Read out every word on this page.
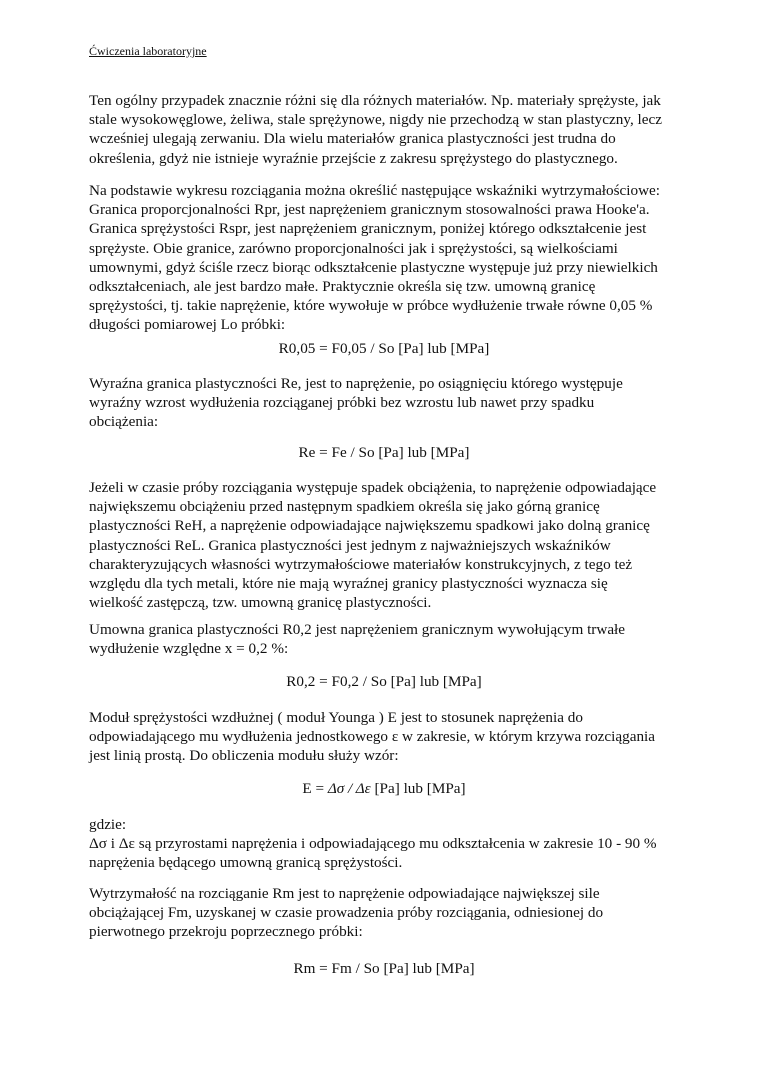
Ćwiczenia laboratoryjne
Ten ogólny przypadek znacznie różni się dla różnych materiałów. Np. materiały sprężyste, jak
stale wysokowęglowe, żeliwa, stale sprężynowe, nigdy nie przechodzą w stan plastyczny, lecz
wcześniej ulegają zerwaniu. Dla wielu materiałów granica plastyczności jest trudna do
określenia, gdyż nie istnieje wyraźnie przejście z zakresu sprężystego do plastycznego.
Na podstawie wykresu rozciągania można określić następujące wskaźniki wytrzymałościowe:
Granica proporcjonalności Rpr, jest naprężeniem granicznym stosowalności prawa Hooke'a.
Granica sprężystości Rspr, jest naprężeniem granicznym, poniżej którego odkształcenie jest
sprężyste. Obie granice, zarówno proporcjonalności jak i sprężystości, są wielkościami
umownymi, gdyż ściśle rzecz biorąc odkształcenie plastyczne występuje już przy niewielkich
odkształceniach, ale jest bardzo małe. Praktycznie określa się tzw. umowną granicę
sprężystości, tj. takie naprężenie, które wywołuje w próbce wydłużenie trwałe równe 0,05 %
długości pomiarowej Lo próbki:
R0,05 = F0,05 / So [Pa] lub [MPa]
Wyraźna granica plastyczności Re, jest to naprężenie, po osiągnięciu którego występuje
wyraźny wzrost wydłużenia rozciąganej próbki bez wzrostu lub nawet przy spadku
obciążenia:
Re = Fe / So [Pa] lub [MPa]
Jeżeli w czasie próby rozciągania występuje spadek obciążenia, to naprężenie odpowiadające
największemu obciążeniu przed następnym spadkiem określa się jako górną granicę
plastyczności ReH, a naprężenie odpowiadające największemu spadkowi jako dolną granicę
plastyczności ReL. Granica plastyczności jest jednym z najważniejszych wskaźników
charakteryzujących własności wytrzymałościowe materiałów konstrukcyjnych, z tego też
względu dla tych metali, które nie mają wyraźnej granicy plastyczności wyznacza się
wielkość zastępczą, tzw. umowną granicę plastyczności.
Umowna granica plastyczności R0,2 jest naprężeniem granicznym wywołującym trwałe
wydłużenie względne x = 0,2 %:
R0,2 = F0,2 / So [Pa] lub [MPa]
Moduł sprężystości wzdłużnej ( moduł Younga ) E jest to stosunek naprężenia do
odpowiadającego mu wydłużenia jednostkowego ε w zakresie, w którym krzywa rozciągania
jest linią prostą. Do obliczenia modułu służy wzór:
E = Δσ / Δε [Pa] lub [MPa]
gdzie:
Δσ i Δε są przyrostami naprężenia i odpowiadającego mu odkształcenia w zakresie 10 - 90 %
naprężenia będącego umowną granicą sprężystości.
Wytrzymałość na rozciąganie Rm jest to naprężenie odpowiadające największej sile
obciążającej Fm, uzyskanej w czasie prowadzenia próby rozciągania, odniesionej do
pierwotnego przekroju poprzecznego próbki:
Rm = Fm / So [Pa] lub [MPa]
